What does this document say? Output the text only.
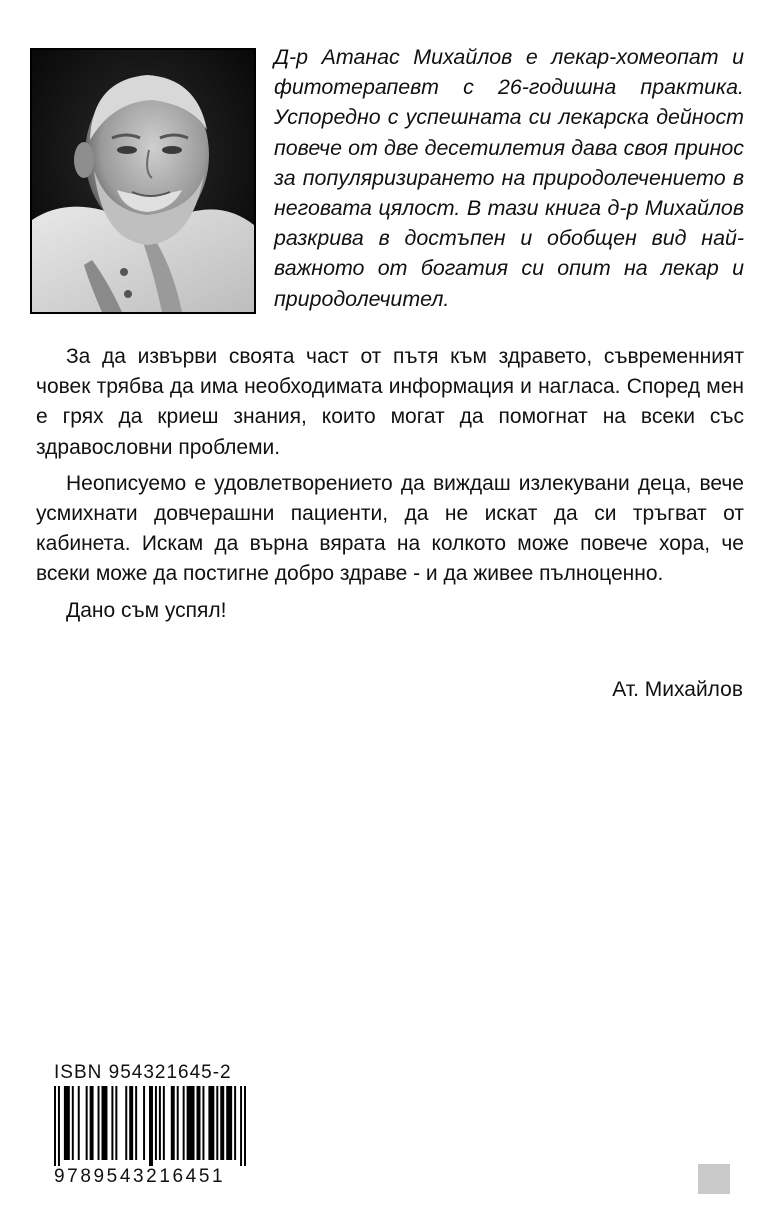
Д-р Атанас Михайлов е лекар-хомеопат и фитотерапевт с 26-годишна практика. Успоредно с успешната си лекарска дейност повече от две десетилетия дава своя принос за популяризирането на природолечението в неговата цялост. В тази книга д-р Михайлов разкрива в достъпен и обобщен вид най-важното от богатия си опит на лекар и природолечител.

За да извърви своята част от пътя към здравето, съвременният човек трябва да има необходимата информация и нагласа. Според мен е грях да криеш знания, които могат да помогнат на всеки със здравословни проблеми.

Неописуемо е удовлетворението да виждаш излекувани деца, вече усмихнати довчерашни пациенти, да не искат да си тръгват от кабинета. Искам да върна вярата на колкото може повече хора, че всеки може да постигне добро здраве - и да живее пълноценно.

Дано съм успял!

Ат. Михайлов
ISBN 954321645-2
9789543216451
